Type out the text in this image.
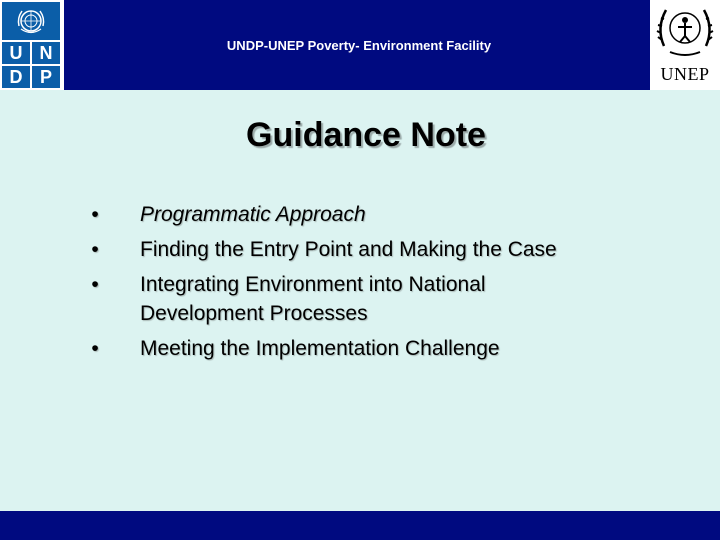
U N
D P
UNDP-UNEP Poverty- Environment Facility
UNEP
Guidance Note
• Programmatic Approach
• Finding the Entry Point and Making the Case
• Integrating Environment into National Development Processes
• Meeting the Implementation Challenge
